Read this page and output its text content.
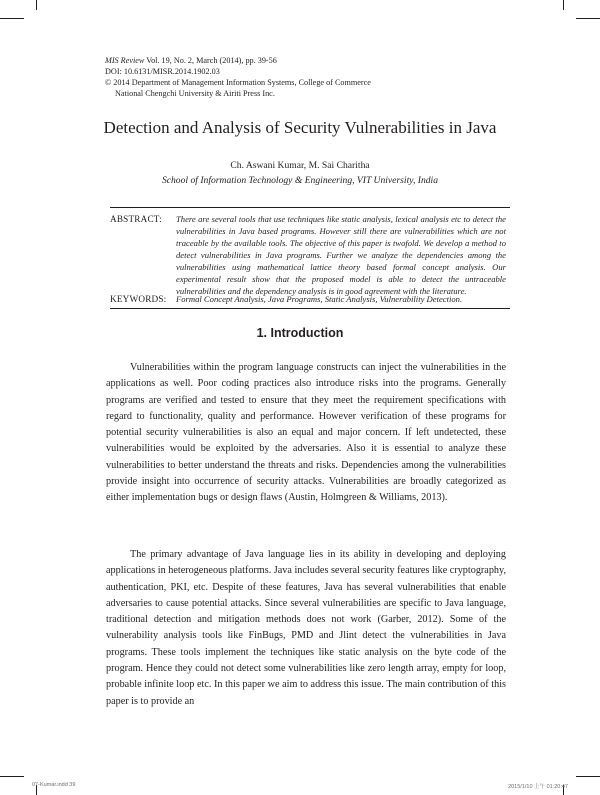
MIS Review Vol. 19, No. 2, March (2014), pp. 39-56
DOI: 10.6131/MISR.2014.1902.03
© 2014 Department of Management Information Systems, College of Commerce
National Chengchi University & Airiti Press Inc.
Detection and Analysis of Security Vulnerabilities in Java
Ch. Aswani Kumar, M. Sai Charitha
School of Information Technology & Engineering, VIT University, India
ABSTRACT: There are several tools that use techniques like static analysis, lexical analysis etc to detect the vulnerabilities in Java based programs. However still there are vulnerabilities which are not traceable by the available tools. The objective of this paper is twofold. We develop a method to detect vulnerabilities in Java programs. Further we analyze the dependencies among the vulnerabilities using mathematical lattice theory based formal concept analysis. Our experimental result show that the proposed model is able to detect the untraceable vulnerabilities and the dependency analysis is in good agreement with the literature.
KEYWORDS: Formal Concept Analysis, Java Programs, Static Analysis, Vulnerability Detection.
1. Introduction

Vulnerabilities within the program language constructs can inject the vulnerabilities in the applications as well. Poor coding practices also introduce risks into the programs. Generally programs are verified and tested to ensure that they meet the requirement specifications with regard to functionality, quality and performance. However verification of these programs for potential security vulnerabilities is also an equal and major concern. If left undetected, these vulnerabilities would be exploited by the adversaries. Also it is essential to analyze these vulnerabilities to better understand the threats and risks. Dependencies among the vulnerabilities provide insight into occurrence of security attacks. Vulnerabilities are broadly categorized as either implementation bugs or design flaws (Austin, Holmgreen & Williams, 2013).

The primary advantage of Java language lies in its ability in developing and deploying applications in heterogeneous platforms. Java includes several security features like cryptography, authentication, PKI, etc. Despite of these features, Java has several vulnerabilities that enable adversaries to cause potential attacks. Since several vulnerabilities are specific to Java language, traditional detection and mitigation methods does not work (Garber, 2012). Some of the vulnerability analysis tools like FinBugs, PMD and Jlint detect the vulnerabilities in Java programs. These tools implement the techniques like static analysis on the byte code of the program. Hence they could not detect some vulnerabilities like zero length array, empty for loop, probable infinite loop etc. In this paper we aim to address this issue. The main contribution of this paper is to provide an

07-Kumar.indd 39	2015/1/10 上午 01:20:47
